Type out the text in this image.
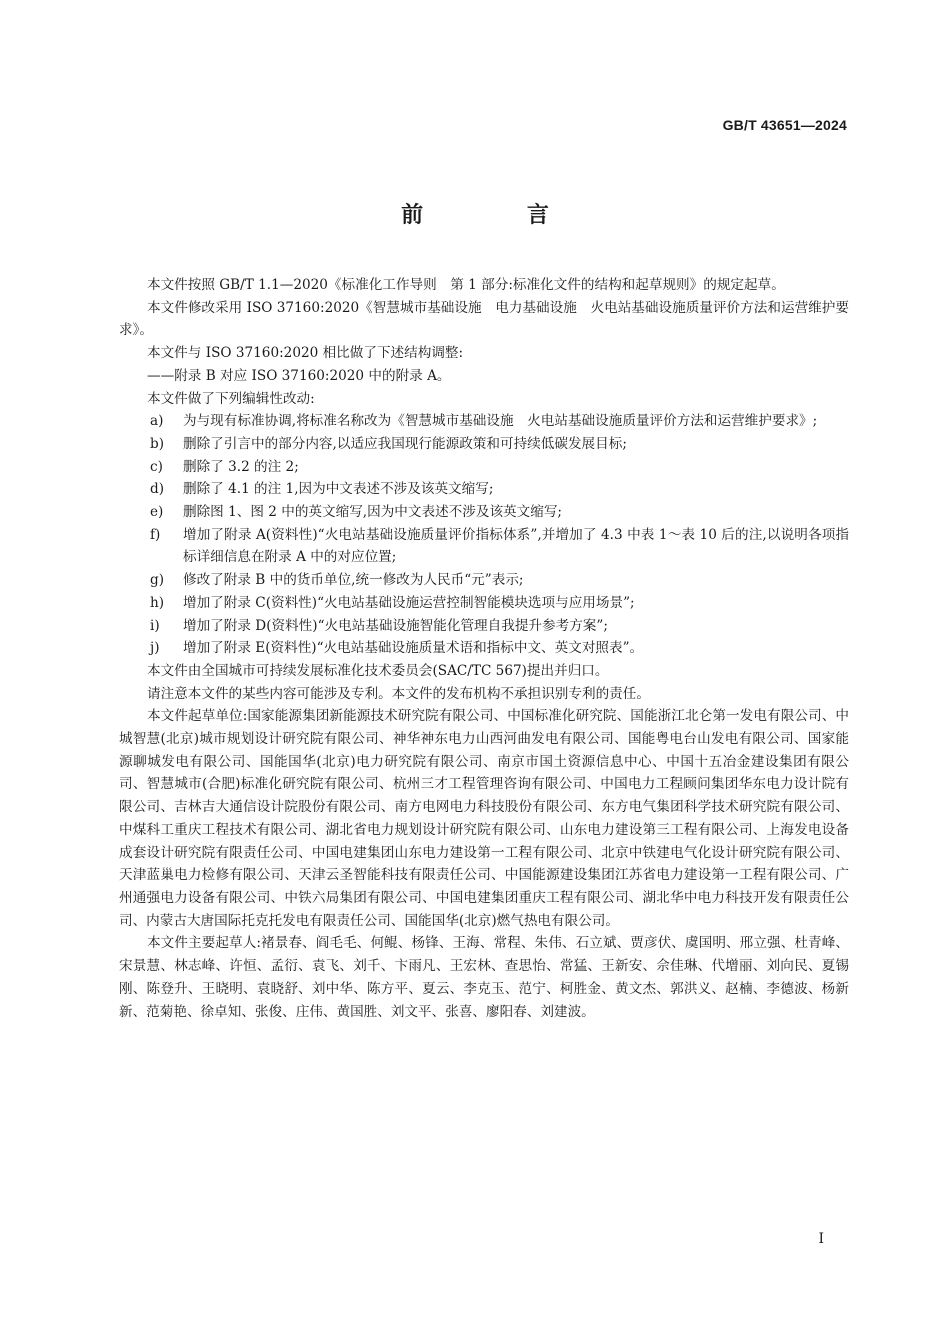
GB/T 43651—2024
前 言

本文件按照 GB/T 1.1—2020《标准化工作导则　第 1 部分:标准化文件的结构和起草规则》的规定起草。

本文件修改采用 ISO 37160:2020《智慧城市基础设施　电力基础设施　火电站基础设施质量评价方法和运营维护要求》。

本文件与 ISO 37160:2020 相比做了下述结构调整:

——附录 B 对应 ISO 37160:2020 中的附录 A。

本文件做了下列编辑性改动:

a) 为与现有标准协调,将标准名称改为《智慧城市基础设施　火电站基础设施质量评价方法和运营维护要求》;

b) 删除了引言中的部分内容,以适应我国现行能源政策和可持续低碳发展目标;

c) 删除了 3.2 的注 2;

d) 删除了 4.1 的注 1,因为中文表述不涉及该英文缩写;

e) 删除图 1、图 2 中的英文缩写,因为中文表述不涉及该英文缩写;

f) 增加了附录 A(资料性)“火电站基础设施质量评价指标体系”,并增加了 4.3 中表 1～表 10 后的注,以说明各项指标详细信息在附录 A 中的对应位置;

g) 修改了附录 B 中的货币单位,统一修改为人民币“元”表示;

h) 增加了附录 C(资料性)“火电站基础设施运营控制智能模块选项与应用场景”;

i) 增加了附录 D(资料性)“火电站基础设施智能化管理自我提升参考方案”;

j) 增加了附录 E(资料性)“火电站基础设施质量术语和指标中文、英文对照表”。

本文件由全国城市可持续发展标准化技术委员会(SAC/TC 567)提出并归口。

请注意本文件的某些内容可能涉及专利。本文件的发布机构不承担识别专利的责任。

本文件起草单位:国家能源集团新能源技术研究院有限公司、中国标准化研究院、国能浙江北仑第一发电有限公司、中城智慧(北京)城市规划设计研究院有限公司、神华神东电力山西河曲发电有限公司、国能粤电台山发电有限公司、国家能源聊城发电有限公司、国能国华(北京)电力研究院有限公司、南京市国土资源信息中心、中国十五冶金建设集团有限公司、智慧城市(合肥)标准化研究院有限公司、杭州三才工程管理咨询有限公司、中国电力工程顾问集团华东电力设计院有限公司、吉林吉大通信设计院股份有限公司、南方电网电力科技股份有限公司、东方电气集团科学技术研究院有限公司、中煤科工重庆工程技术有限公司、湖北省电力规划设计研究院有限公司、山东电力建设第三工程有限公司、上海发电设备成套设计研究院有限责任公司、中国电建集团山东电力建设第一工程有限公司、北京中铁建电气化设计研究院有限公司、天津蓝巢电力检修有限公司、天津云圣智能科技有限责任公司、中国能源建设集团江苏省电力建设第一工程有限公司、广州通强电力设备有限公司、中铁六局集团有限公司、中国电建集团重庆工程有限公司、湖北华中电力科技开发有限责任公司、内蒙古大唐国际托克托发电有限责任公司、国能国华(北京)燃气热电有限公司。

本文件主要起草人:褚景春、阎毛毛、何鲲、杨锋、王海、常程、朱伟、石立斌、贾彦伏、虞国明、邢立强、杜青峰、宋景慧、林志峰、许恒、孟衍、袁飞、刘千、卞雨凡、王宏林、查思怡、常猛、王新安、佘佳琳、代增丽、刘向民、夏锡刚、陈登升、王晓明、袁晓舒、刘中华、陈方平、夏云、李克玉、范宁、柯胜金、黄文杰、郭洪义、赵楠、李德波、杨新新、范菊艳、徐卓知、张俊、庄伟、黄国胜、刘文平、张喜、廖阳春、刘建波。

I
